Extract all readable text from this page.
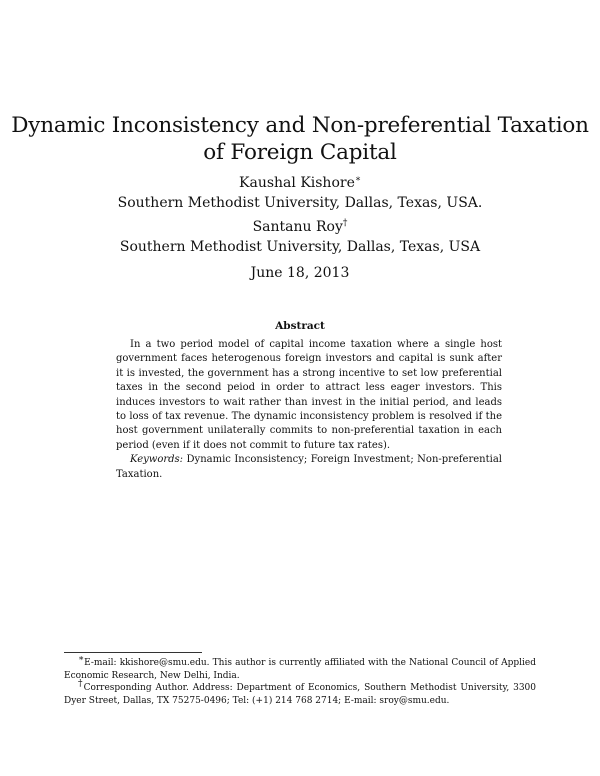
Dynamic Inconsistency and Non-preferential Taxation
of Foreign Capital
Kaushal Kishore∗
Southern Methodist University, Dallas, Texas, USA.
Santanu Roy†
Southern Methodist University, Dallas, Texas, USA
June 18, 2013
Abstract

In a two period model of capital income taxation where a single host government faces heterogenous foreign investors and capital is sunk after it is invested, the government has a strong incentive to set low preferential taxes in the second peiod in order to attract less eager investors. This induces investors to wait rather than invest in the initial period, and leads to loss of tax revenue. The dynamic inconsistency problem is resolved if the host government unilaterally commits to non-preferential taxation in each period (even if it does not commit to future tax rates).

Keywords: Dynamic Inconsistency; Foreign Investment; Non-preferential Taxation.

∗E-mail: kkishore@smu.edu. This author is currently affiliated with the National Council of Applied Economic Research, New Delhi, India.

†Corresponding Author. Address: Department of Economics, Southern Methodist University, 3300 Dyer Street, Dallas, TX 75275-0496; Tel: (+1) 214 768 2714; E-mail: sroy@smu.edu.
